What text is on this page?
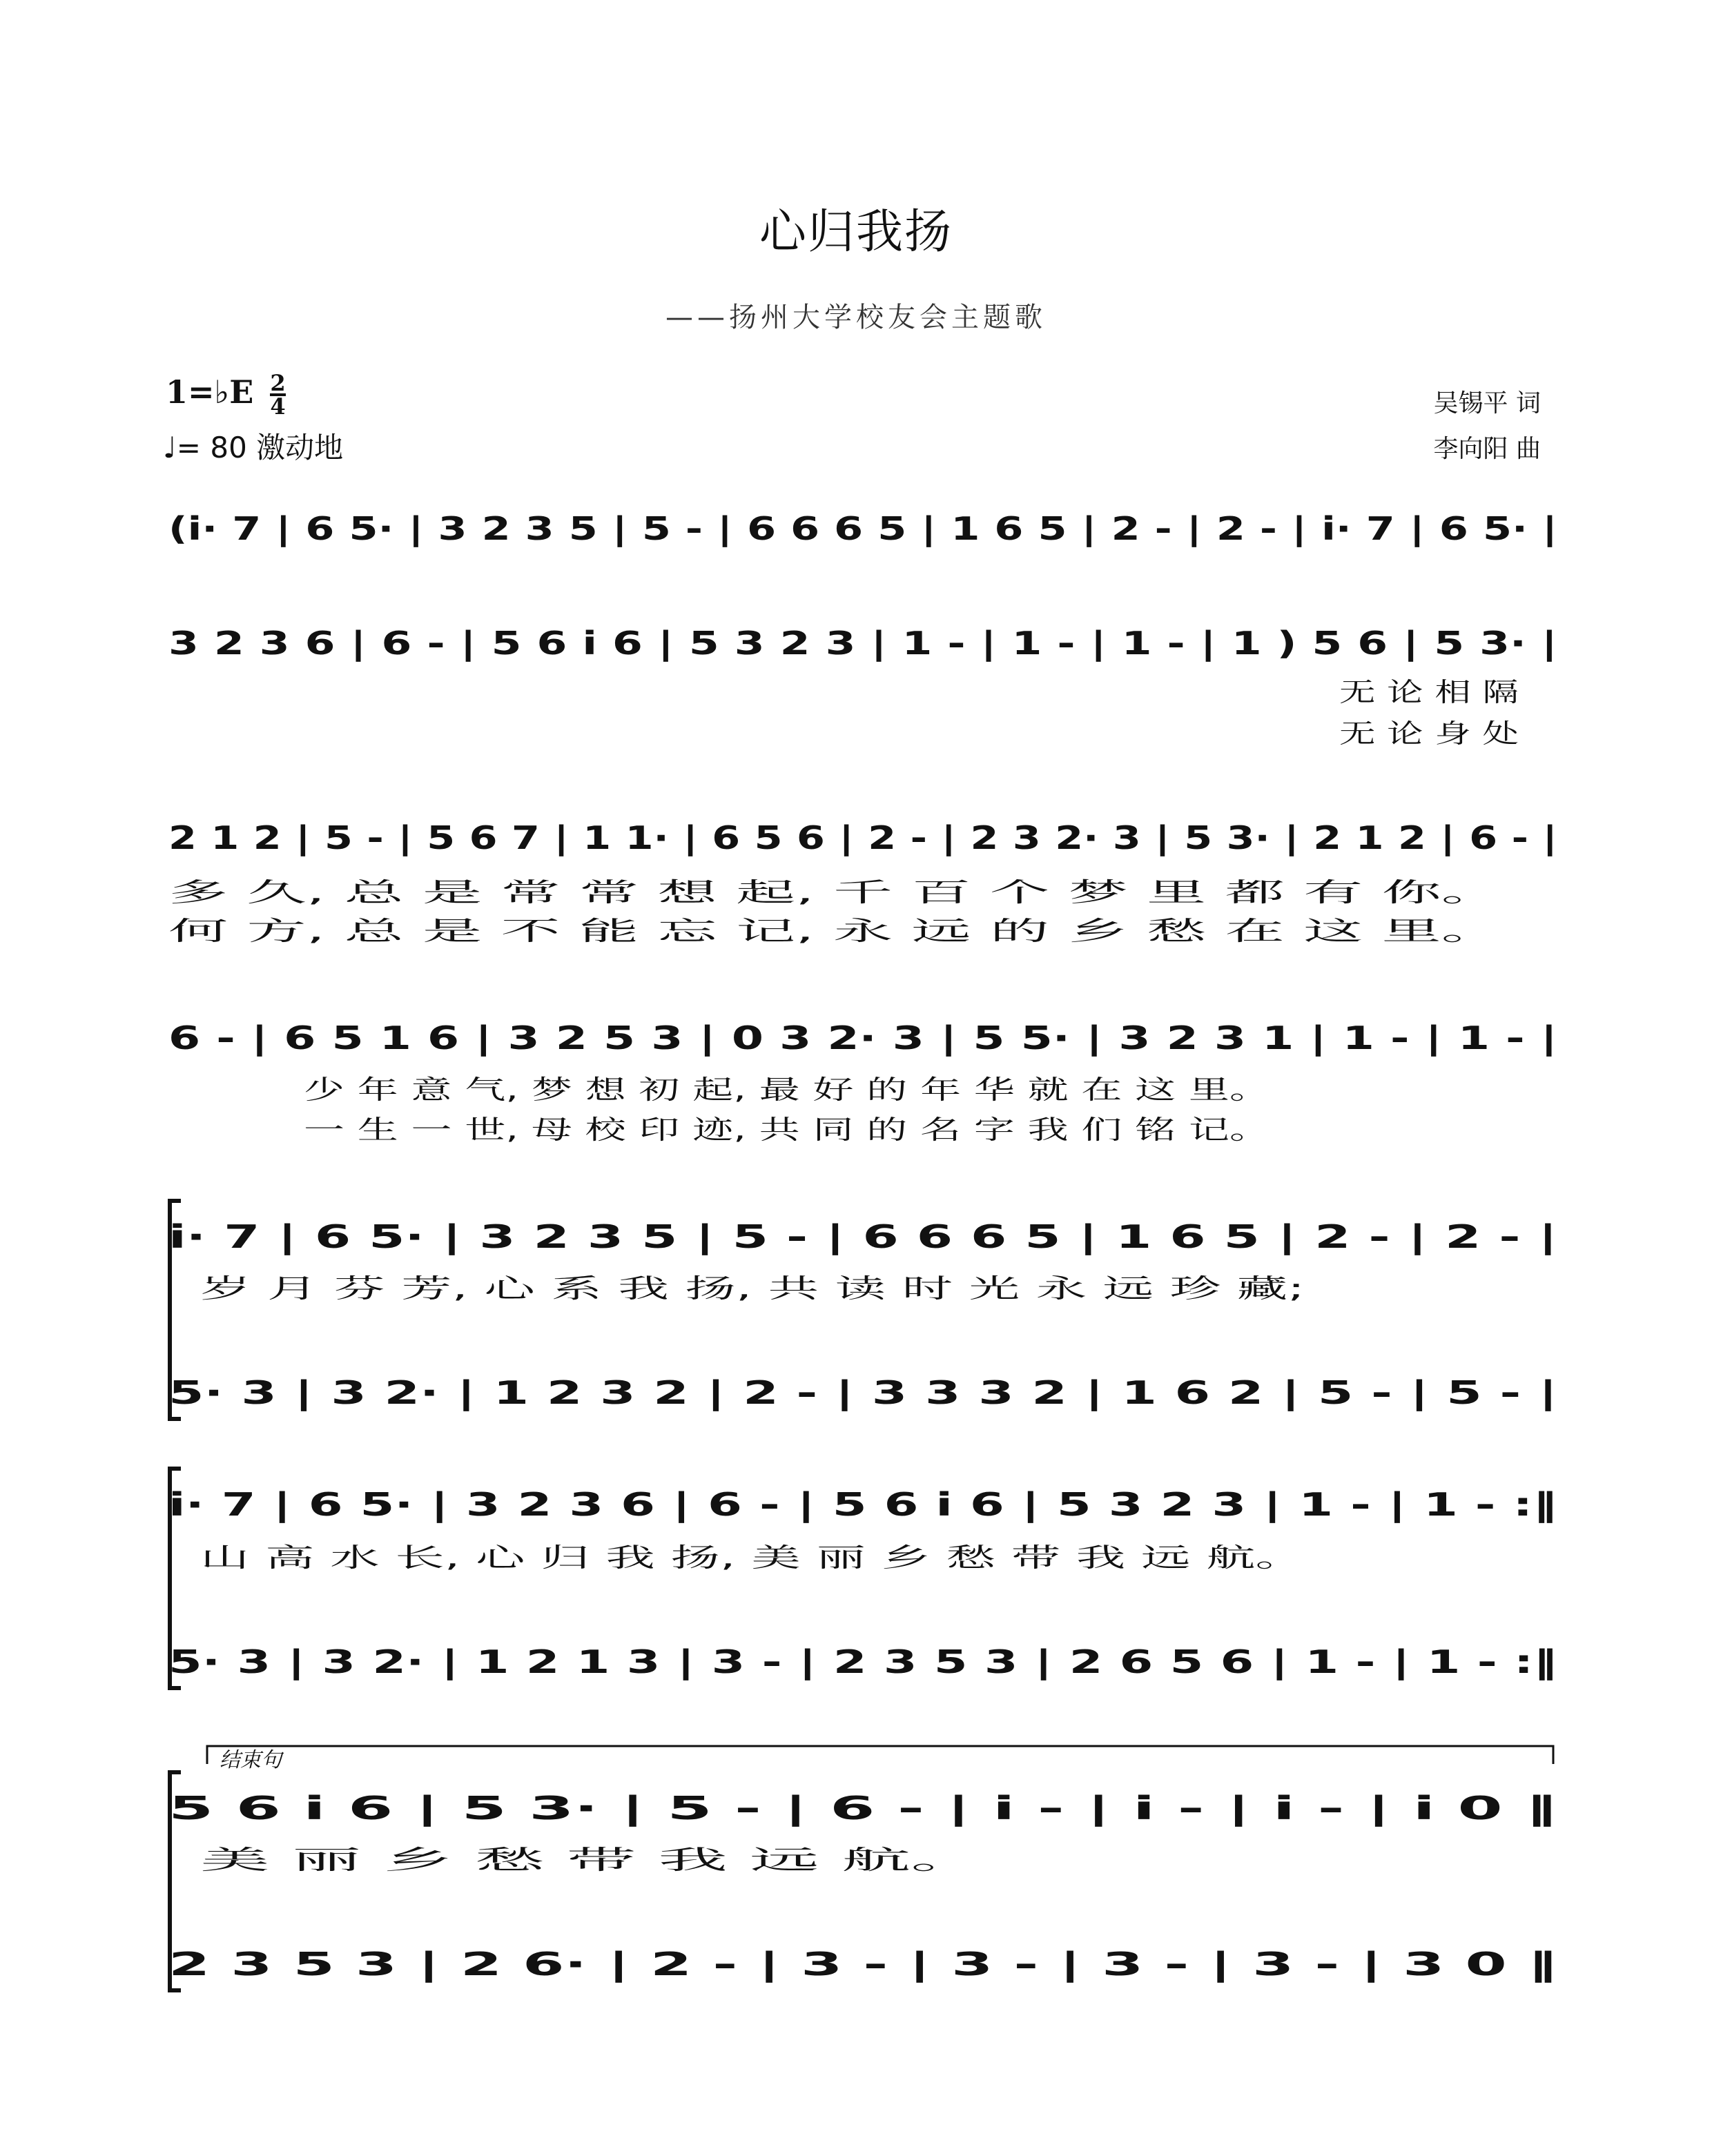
心归我扬
——扬州大学校友会主题歌
1=♭E $\frac{2}{4}$
♩= 80 激动地
吴锡平 词
李向阳 曲
(i· 7 | 6 5· | 3 2 3 5 | 5 - | 6 6 6 5 | 1 6 5 | 2 - | 2 - | i· 7 | 6 5· |
3 2 3 6 | 6 - | 5 6 i 6 | 5 3 2 3 | 1 - | 1 - | 1 - | 1 ) 5 6 | 5 3· |
无 论 相 隔
无 论 身 处
2 1 2 | 5 - | 5 6 7 | 1 1· | 6 5 6 | 2 - | 2 3 2· 3 | 5 3· | 2 1 2 | 6 - |
多 久, 总 是 常 常 想 起, 千 百 个 梦 里 都 有 你。
何 方, 总 是 不 能 忘 记, 永 远 的 乡 愁 在 这 里。
6 - | 6 5 1 6 | 3 2 5 3 | 0 3 2· 3 | 5 5· | 3 2 3 1 | 1 - | 1 - |
少 年 意 气, 梦 想 初 起, 最 好 的 年 华 就 在 这 里。
一 生 一 世, 母 校 印 迹, 共 同 的 名 字 我 们 铭 记。
i· 7 | 6 5· | 3 2 3 5 | 5 - | 6 6 6 5 | 1 6 5 | 2 - | 2 - |
岁 月 芬 芳, 心 系 我 扬, 共 读 时 光 永 远 珍 藏;
5· 3 | 3 2· | 1 2 3 2 | 2 - | 3 3 3 2 | 1 6 2 | 5 - | 5 - |
i· 7 | 6 5· | 3 2 3 6 | 6 - | 5 6 i 6 | 5 3 2 3 | 1 - | 1 - :‖
山 高 水 长, 心 归 我 扬, 美 丽 乡 愁 带 我 远 航。
5· 3 | 3 2· | 1 2 1 3 | 3 - | 2 3 5 3 | 2 6 5 6 | 1 - | 1 - :‖
5 6 i 6 | 5 3· | 5 - | 6 - | i - | i - | i - | i 0 ‖
美 丽 乡 愁 带 我 远 航。
2 3 5 3 | 2 6· | 2 - | 3 - | 3 - | 3 - | 3 - | 3 0 ‖
结束句
